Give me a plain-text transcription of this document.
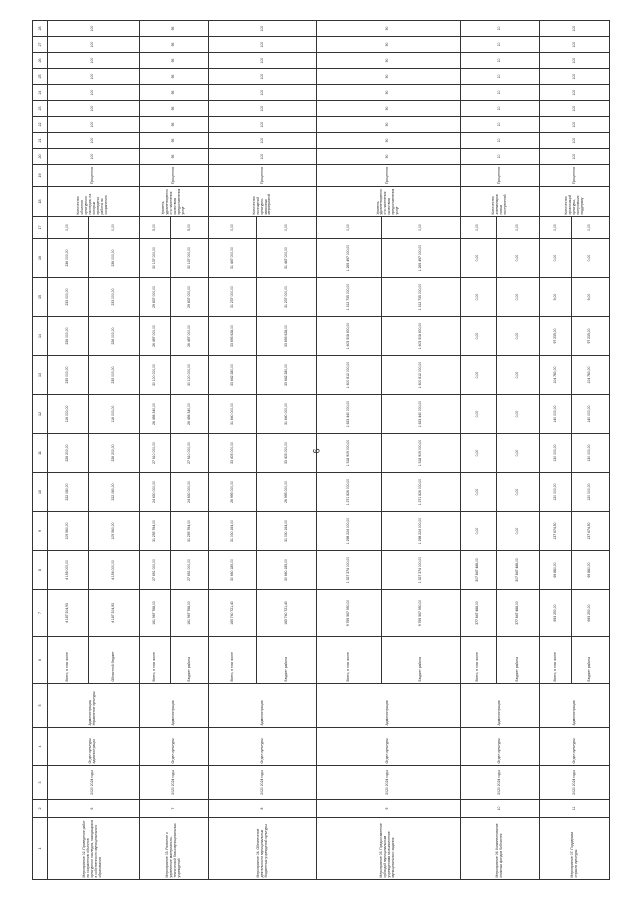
6
1	2	3	4	5	6	7	8	9	10	11	12	13	14	15	16	17	18	19	20	21	22	23	24	25	26	27	28	
Мероприятие 02. Проведение работ по сохранению объектов культурного наследия, находящихся в собственности муниципального образования	6	2020 2024 годы	Отдел культуры администрации	Администрация, Управление культуры	Всего, в том числе	4 187 204,93	4 156 000,00	105 560,00	222 080,00	226 200,00	116 000,00	235 000,00	226 000,00	233 000,00	236 000,00	0,00	Количество объектов культурного наследия, на которых проведены работы по сохранению	Процентов	100	100	100	100	100	100	100	100	100	
					Областной бюджет	4 187 204,93	4 156 000,00	105 560,00	222 080,00	226 200,00	116 000,00	235 000,00	226 000,00	233 000,00	236 000,00	0,00												
Мероприятие 03. Развитие и укрепление материально-технической базы муниципальных учреждений	7	2020 2024 годы	Отдел культуры	Администрация	Всего, в том числе	161 967 768,00	27 651 000,00	31 255 764,00	24 630 000,00	27 610 000,00	26 456 340,00	30 100 000,00	26 497 000,00	29 837 000,00	30 137 000,00	5,00	Уровень удовлетворенности населения качеством предоставления услуг	Процентов	95	95	95	95	95	95	95	95	95	
					Бюджет района	161 967 768,00	27 651 000,00	31 255 764,00	24 630 000,00	27 610 000,00	26 456 340,00	30 100 000,00	26 497 000,00	29 837 000,00	30 137 000,00	5,00												
Мероприятие 04. Обеспечение деятельности муниципальных бюджетных учреждений культуры	8	2020 2024 годы	Отдел культуры	Администрация	Всего, в том числе	165 740 721,40	30 660 185,00	31 030 164,00	26 995 000,00	33 405 000,00	31 640 000,00	33 642 280,00	33 693 628,00	31 237 000,00	31 447 000,00	0,00	Количество посещений культурно-массовых мероприятий	Процентов	100	100	100	100	100	100	100	100	100	
					Бюджет района	165 740 721,40	30 660 185,00	31 030 164,00	26 995 000,00	33 405 000,00	31 640 000,00	33 642 280,00	33 693 628,00	31 237 000,00	31 447 000,00	0,00												
Мероприятие 05. Предоставление субсидий муниципальным учреждениям на выполнение муниципального задания	9	2020 2024 годы	Отдел культуры	Администрация	Всего, в том числе	9 769 567 950,00	1 327 374 000,00	1 298 224 000,00	1 271 826 000,00	1 518 909 000,00	1 623 440 000,00	1 600 812 000,00	1 603 508 600,00	1 312 735 000,00	1 265 497 000,00	0,00	Уровень удовлетворенности населения качеством предоставления услуг	Процентов	90	90	90	90	90	90	90	90	90	
					Бюджет района	9 769 567 950,00	1 327 374 000,00	1 298 224 000,00	1 271 826 000,00	1 518 909 000,00	1 623 440 000,00	1 600 812 000,00	1 603 508 600,00	1 312 735 000,00	1 265 497 000,00	0,00												
Мероприятие 06. Комплектование книжных фондов библиотек	10	2020 2024 годы	Отдел культуры	Администрация	Всего, в том числе	377 847 488,00	307 847 488,00	0,00	0,00	0,00	0,00	0,00	0,00	0,00	0,00	0,00	Количество экземпляров новых поступлений	Процентов	10	10	10	10	10	10	10	10	10	
					Бюджет района	377 847 488,00	307 847 488,00	0,00	0,00	0,00	0,00	0,00	0,00	0,00	0,00	0,00												
Мероприятие 07. Поддержка отрасли культуры	11	2020 2024 годы	Отдел культуры	Администрация	Всего, в том числе	693 250,00	69 880,00	137 674,50	120 000,00	130 000,00	140 000,00	104 780,00	97 235,00	9,00	0,00	0,00	Количество организаций культуры, получивших поддержку	Процентов	100	100	100	100	100	100	100	100	100	
					Бюджет района	693 250,00	69 880,00	137 674,50	120 000,00	130 000,00	140 000,00	104 780,00	97 235,00	9,00	0,00	0,00												
